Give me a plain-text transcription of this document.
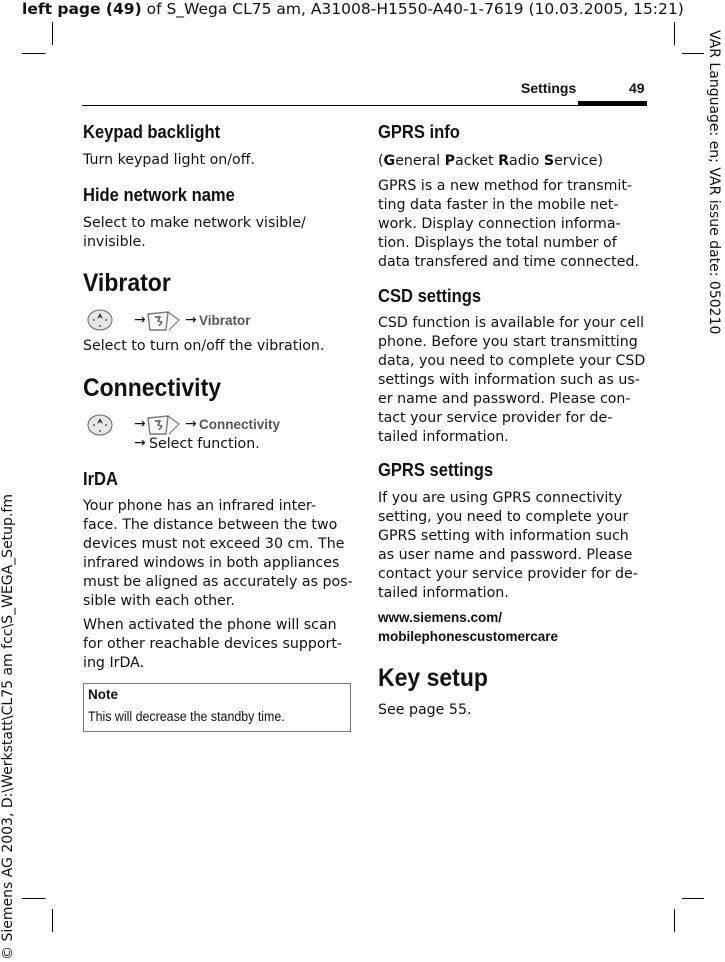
left page (49) of S_Wega CL75 am, A31008-H1550-A40-1-7619 (10.03.2005, 15:21)
VAR Language: en; VAR issue date: 050210
© Siemens AG 2003, D:\Werkstatt\CL75 am fcc\S_WEGA_Setup.fm
Settings	49
Keypad backlight
Turn keypad light on/off.
Hide network name
Select to make network visible/
invisible.
Vibrator
→	→ Vibrator
Select to turn on/off the vibration.
Connectivity
→	→ Connectivity
→ Select function.
IrDA
Your phone has an infrared inter-
face. The distance between the two
devices must not exceed 30 cm. The
infrared windows in both appliances
must be aligned as accurately as pos-
sible with each other.
When activated the phone will scan
for other reachable devices support-
ing IrDA.
Note
This will decrease the standby time.
GPRS info
(General Packet Radio Service)
GPRS is a new method for transmit-
ting data faster in the mobile net-
work. Display connection informa-
tion. Displays the total number of
data transfered and time connected.
CSD settings
CSD function is available for your cell
phone. Before you start transmitting
data, you need to complete your CSD
settings with information such as us-
er name and password. Please con-
tact your service provider for de-
tailed information.
GPRS settings
If you are using GPRS connectivity
setting, you need to complete your
GPRS setting with information such
as user name and password. Please
contact your service provider for de-
tailed information.
www.siemens.com/
mobilephonescustomercare
Key setup
See page 55.
